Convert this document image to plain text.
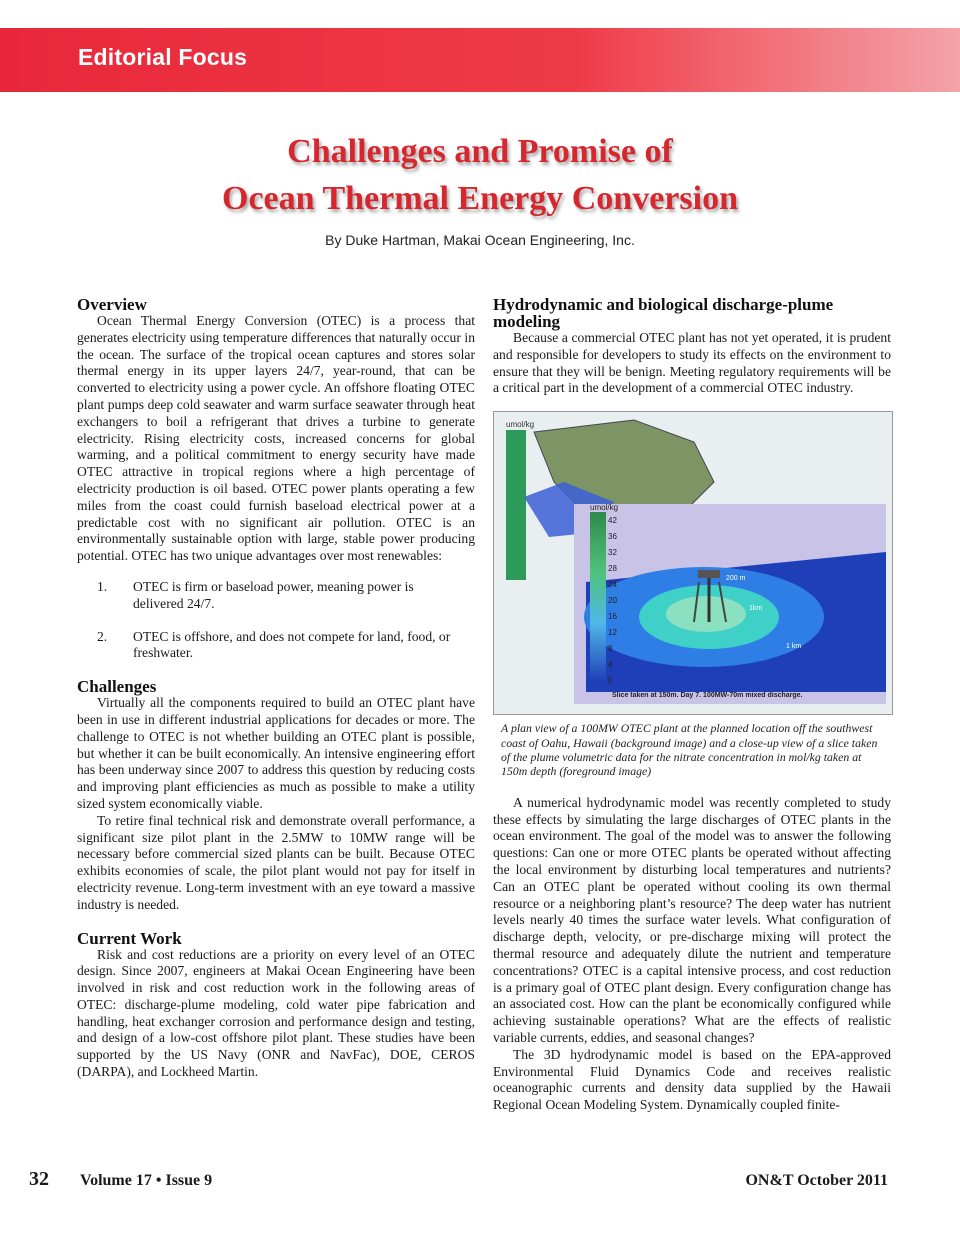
Editorial Focus
Challenges and Promise of
Ocean Thermal Energy Conversion
By Duke Hartman, Makai Ocean Engineering, Inc.
Overview

Ocean Thermal Energy Conversion (OTEC) is a process that generates electricity using temperature differences that naturally occur in the ocean. The surface of the tropical ocean captures and stores solar thermal energy in its upper layers 24/7, year-round, that can be converted to electricity using a power cycle. An offshore floating OTEC plant pumps deep cold seawater and warm surface seawater through heat exchangers to boil a refrigerant that drives a turbine to generate electricity. Rising electricity costs, increased concerns for global warming, and a political commitment to energy security have made OTEC attractive in tropical regions where a high percentage of electricity production is oil based. OTEC power plants operating a few miles from the coast could furnish baseload electrical power at a predictable cost with no significant air pollution. OTEC is an environmentally sustainable option with large, stable power producing potential. OTEC has two unique advantages over most renewables:

1. OTEC is firm or baseload power, meaning power is delivered 24/7.
2. OTEC is offshore, and does not compete for land, food, or freshwater.
Challenges

Virtually all the components required to build an OTEC plant have been in use in different industrial applications for decades or more. The challenge to OTEC is not whether building an OTEC plant is possible, but whether it can be built economically. An intensive engineering effort has been underway since 2007 to address this question by reducing costs and improving plant efficiencies as much as possible to make a utility sized system economically viable.

To retire final technical risk and demonstrate overall performance, a significant size pilot plant in the 2.5MW to 10MW range will be necessary before commercial sized plants can be built. Because OTEC exhibits economies of scale, the pilot plant would not pay for itself in electricity revenue. Long-term investment with an eye toward a massive industry is needed.

Current Work

Risk and cost reductions are a priority on every level of an OTEC design. Since 2007, engineers at Makai Ocean Engineering have been involved in risk and cost reduction work in the following areas of OTEC: discharge-plume modeling, cold water pipe fabrication and handling, heat exchanger corrosion and performance design and testing, and design of a low-cost offshore pilot plant. These studies have been supported by the US Navy (ONR and NavFac), DOE, CEROS (DARPA), and Lockheed Martin.

Hydrodynamic and biological discharge-plume modeling

Because a commercial OTEC plant has not yet operated, it is prudent and responsible for developers to study its effects on the environment to ensure that they will be benign. Meeting regulatory requirements will be a critical part in the development of a commercial OTEC industry.

umol/kg
umol/kg
42
36
32
28
24
20
16
12
8
4
0
200 m
1km
1 km
Slice taken at 150m. Day 7. 100MW-70m mixed discharge.
A plan view of a 100MW OTEC plant at the planned location off the southwest coast of Oahu, Hawaii (background image) and a close-up view of a slice taken of the plume volumetric data for the nitrate concentration in mol/kg taken at 150m depth (foreground image)

A numerical hydrodynamic model was recently completed to study these effects by simulating the large discharges of OTEC plants in the ocean environment. The goal of the model was to answer the following questions: Can one or more OTEC plants be operated without affecting the local environment by disturbing local temperatures and nutrients? Can an OTEC plant be operated without cooling its own thermal resource or a neighboring plant’s resource? The deep water has nutrient levels nearly 40 times the surface water levels. What configuration of discharge depth, velocity, or pre-discharge mixing will protect the thermal resource and adequately dilute the nutrient and temperature concentrations? OTEC is a capital intensive process, and cost reduction is a primary goal of OTEC plant design. Every configuration change has an associated cost. How can the plant be economically configured while achieving sustainable operations? What are the effects of realistic variable currents, eddies, and seasonal changes?

The 3D hydrodynamic model is based on the EPA-approved Environmental Fluid Dynamics Code and receives realistic oceanographic currents and density data supplied by the Hawaii Regional Ocean Modeling System. Dynamically coupled finite-

32 Volume 17 • Issue 9	ON&T October 2011
